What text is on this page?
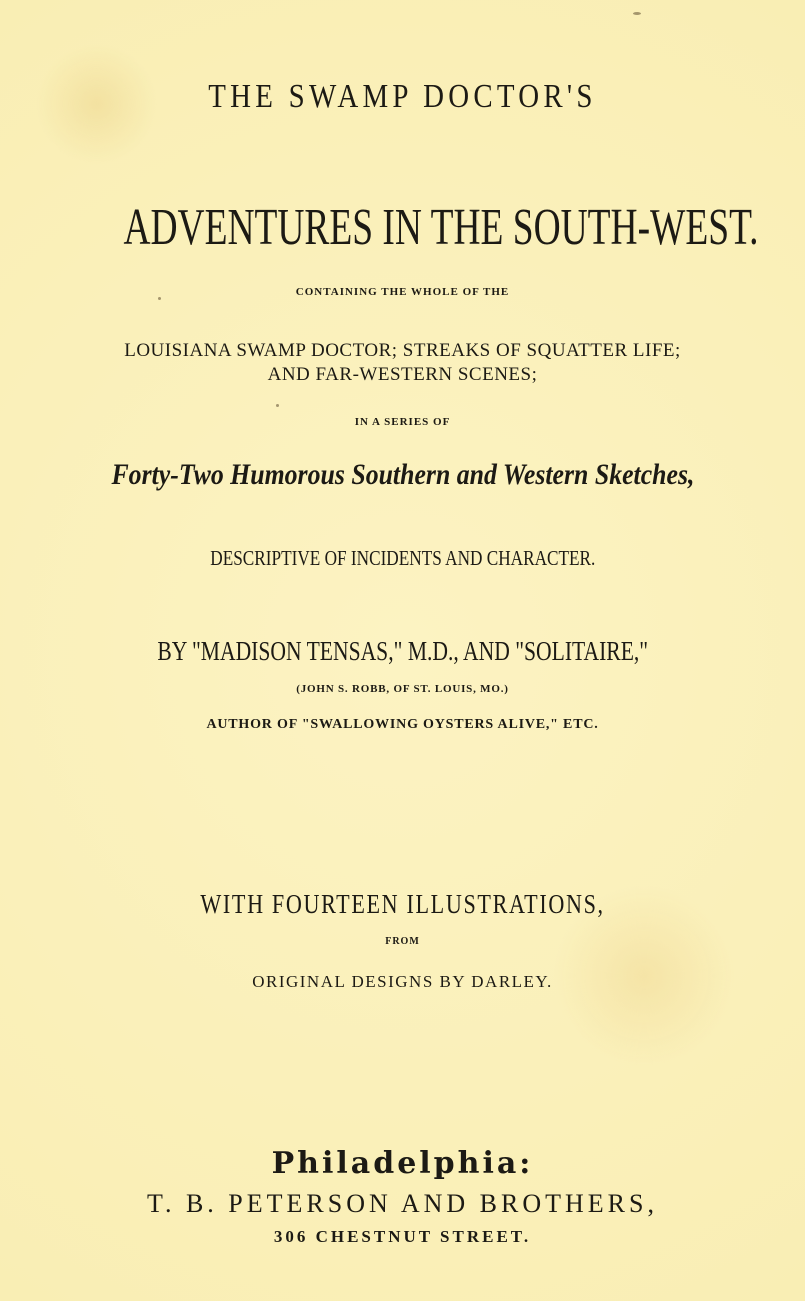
THE SWAMP DOCTOR'S

ADVENTURES IN THE SOUTH-WEST.

CONTAINING THE WHOLE OF THE

LOUISIANA SWAMP DOCTOR; STREAKS OF SQUATTER LIFE;

AND FAR-WESTERN SCENES;

IN A SERIES OF

Forty-Two Humorous Southern and Western Sketches,

DESCRIPTIVE OF INCIDENTS AND CHARACTER.

BY "MADISON TENSAS," M.D., AND "SOLITAIRE,"

(JOHN S. ROBB, OF ST. LOUIS, MO.)

AUTHOR OF "SWALLOWING OYSTERS ALIVE," ETC.

WITH FOURTEEN ILLUSTRATIONS,

FROM

ORIGINAL DESIGNS BY DARLEY.

Philadelphia:

T. B. PETERSON AND BROTHERS,

306 CHESTNUT STREET.
